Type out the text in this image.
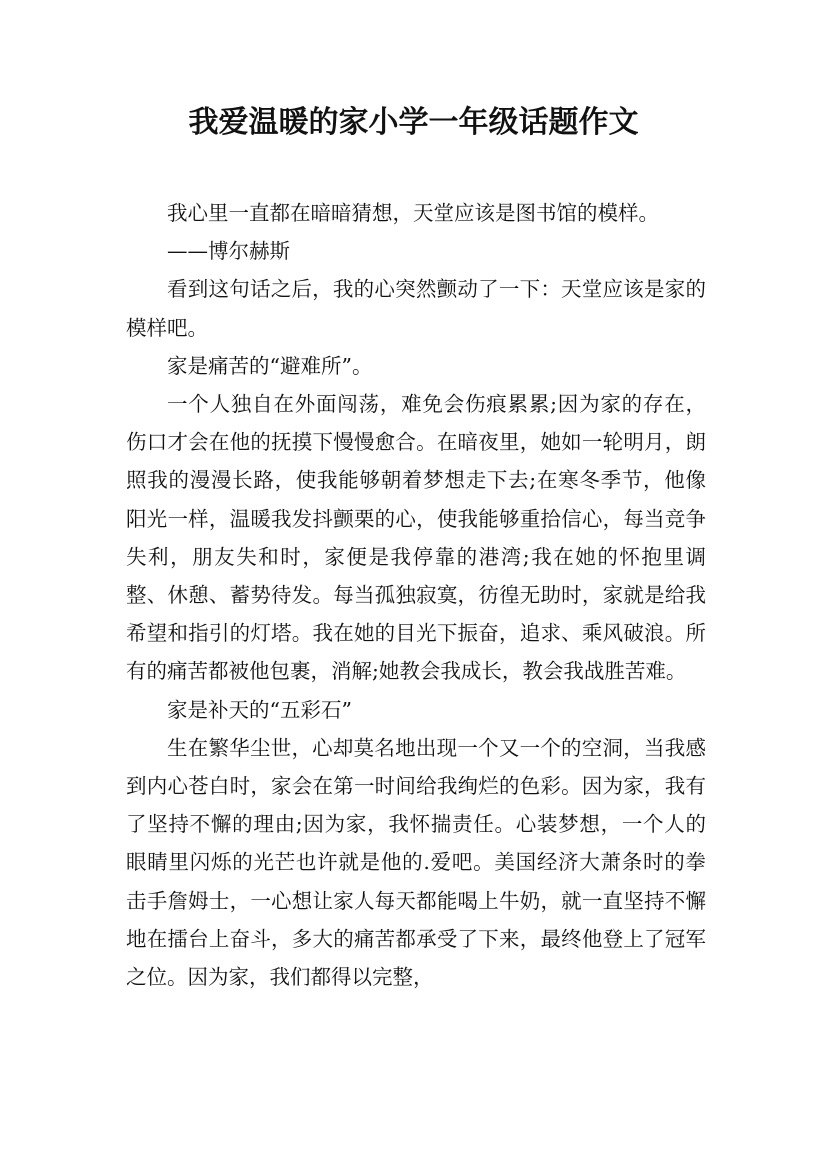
我爱温暖的家小学一年级话题作文

我心里一直都在暗暗猜想，天堂应该是图书馆的模样。

——博尔赫斯

看到这句话之后，我的心突然颤动了一下：天堂应该是家的模样吧。

家是痛苦的“避难所”。

一个人独自在外面闯荡，难免会伤痕累累;因为家的存在，伤口才会在他的抚摸下慢慢愈合。在暗夜里，她如一轮明月，朗照我的漫漫长路，使我能够朝着梦想走下去;在寒冬季节，他像阳光一样，温暖我发抖颤栗的心，使我能够重拾信心，每当竞争失利，朋友失和时，家便是我停靠的港湾;我在她的怀抱里调整、休憩、蓄势待发。每当孤独寂寞，彷徨无助时，家就是给我希望和指引的灯塔。我在她的目光下振奋，追求、乘风破浪。所有的痛苦都被他包裹，消解;她教会我成长，教会我战胜苦难。

家是补天的“五彩石”

生在繁华尘世，心却莫名地出现一个又一个的空洞，当我感到内心苍白时，家会在第一时间给我绚烂的色彩。因为家，我有了坚持不懈的理由;因为家，我怀揣责任。心装梦想，一个人的眼睛里闪烁的光芒也许就是他的.爱吧。美国经济大萧条时的拳击手詹姆士，一心想让家人每天都能喝上牛奶，就一直坚持不懈地在擂台上奋斗，多大的痛苦都承受了下来，最终他登上了冠军之位。因为家，我们都得以完整，
